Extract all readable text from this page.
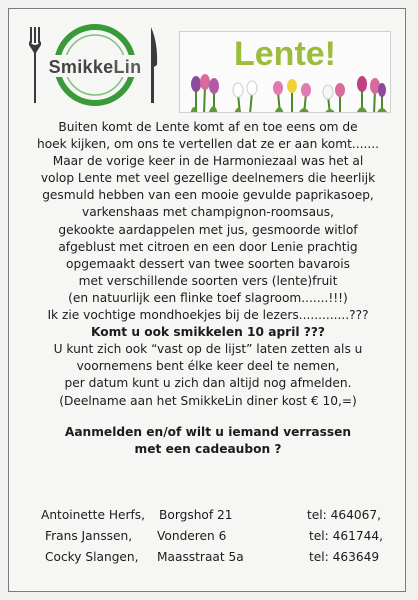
SmikkeLin	Lente!
Buiten komt de Lente komt af en toe eens om de
hoek kijken, om ons te vertellen dat ze er aan komt.......
Maar de vorige keer in de Harmoniezaal was het al
volop Lente met veel gezellige deelnemers die heerlijk
gesmuld hebben van een mooie gevulde paprikasoep,
varkenshaas met champignon-roomsaus,
gekookte aardappelen met jus, gesmoorde witlof
afgeblust met citroen en een door Lenie prachtig
opgemaakt dessert van twee soorten bavarois
met verschillende soorten vers (lente)fruit
(en natuurlijk een flinke toef slagroom.......!!!)
Ik zie vochtige mondhoekjes bij de lezers.............???
Komt u ook smikkelen 10 april ???
U kunt zich ook “vast op de lijst” laten zetten als u
voornemens bent élke keer deel te nemen,
per datum kunt u zich dan altijd nog afmelden.
(Deelname aan het SmikkeLin diner kost € 10,=)
Aanmelden en/of wilt u iemand verrassen
met een cadeaubon ?
Antoinette Herfs, Borgshof 21	tel: 464067,
Frans Janssen, Vonderen 6	tel: 461744,
Cocky Slangen, Maasstraat 5a	tel: 463649
